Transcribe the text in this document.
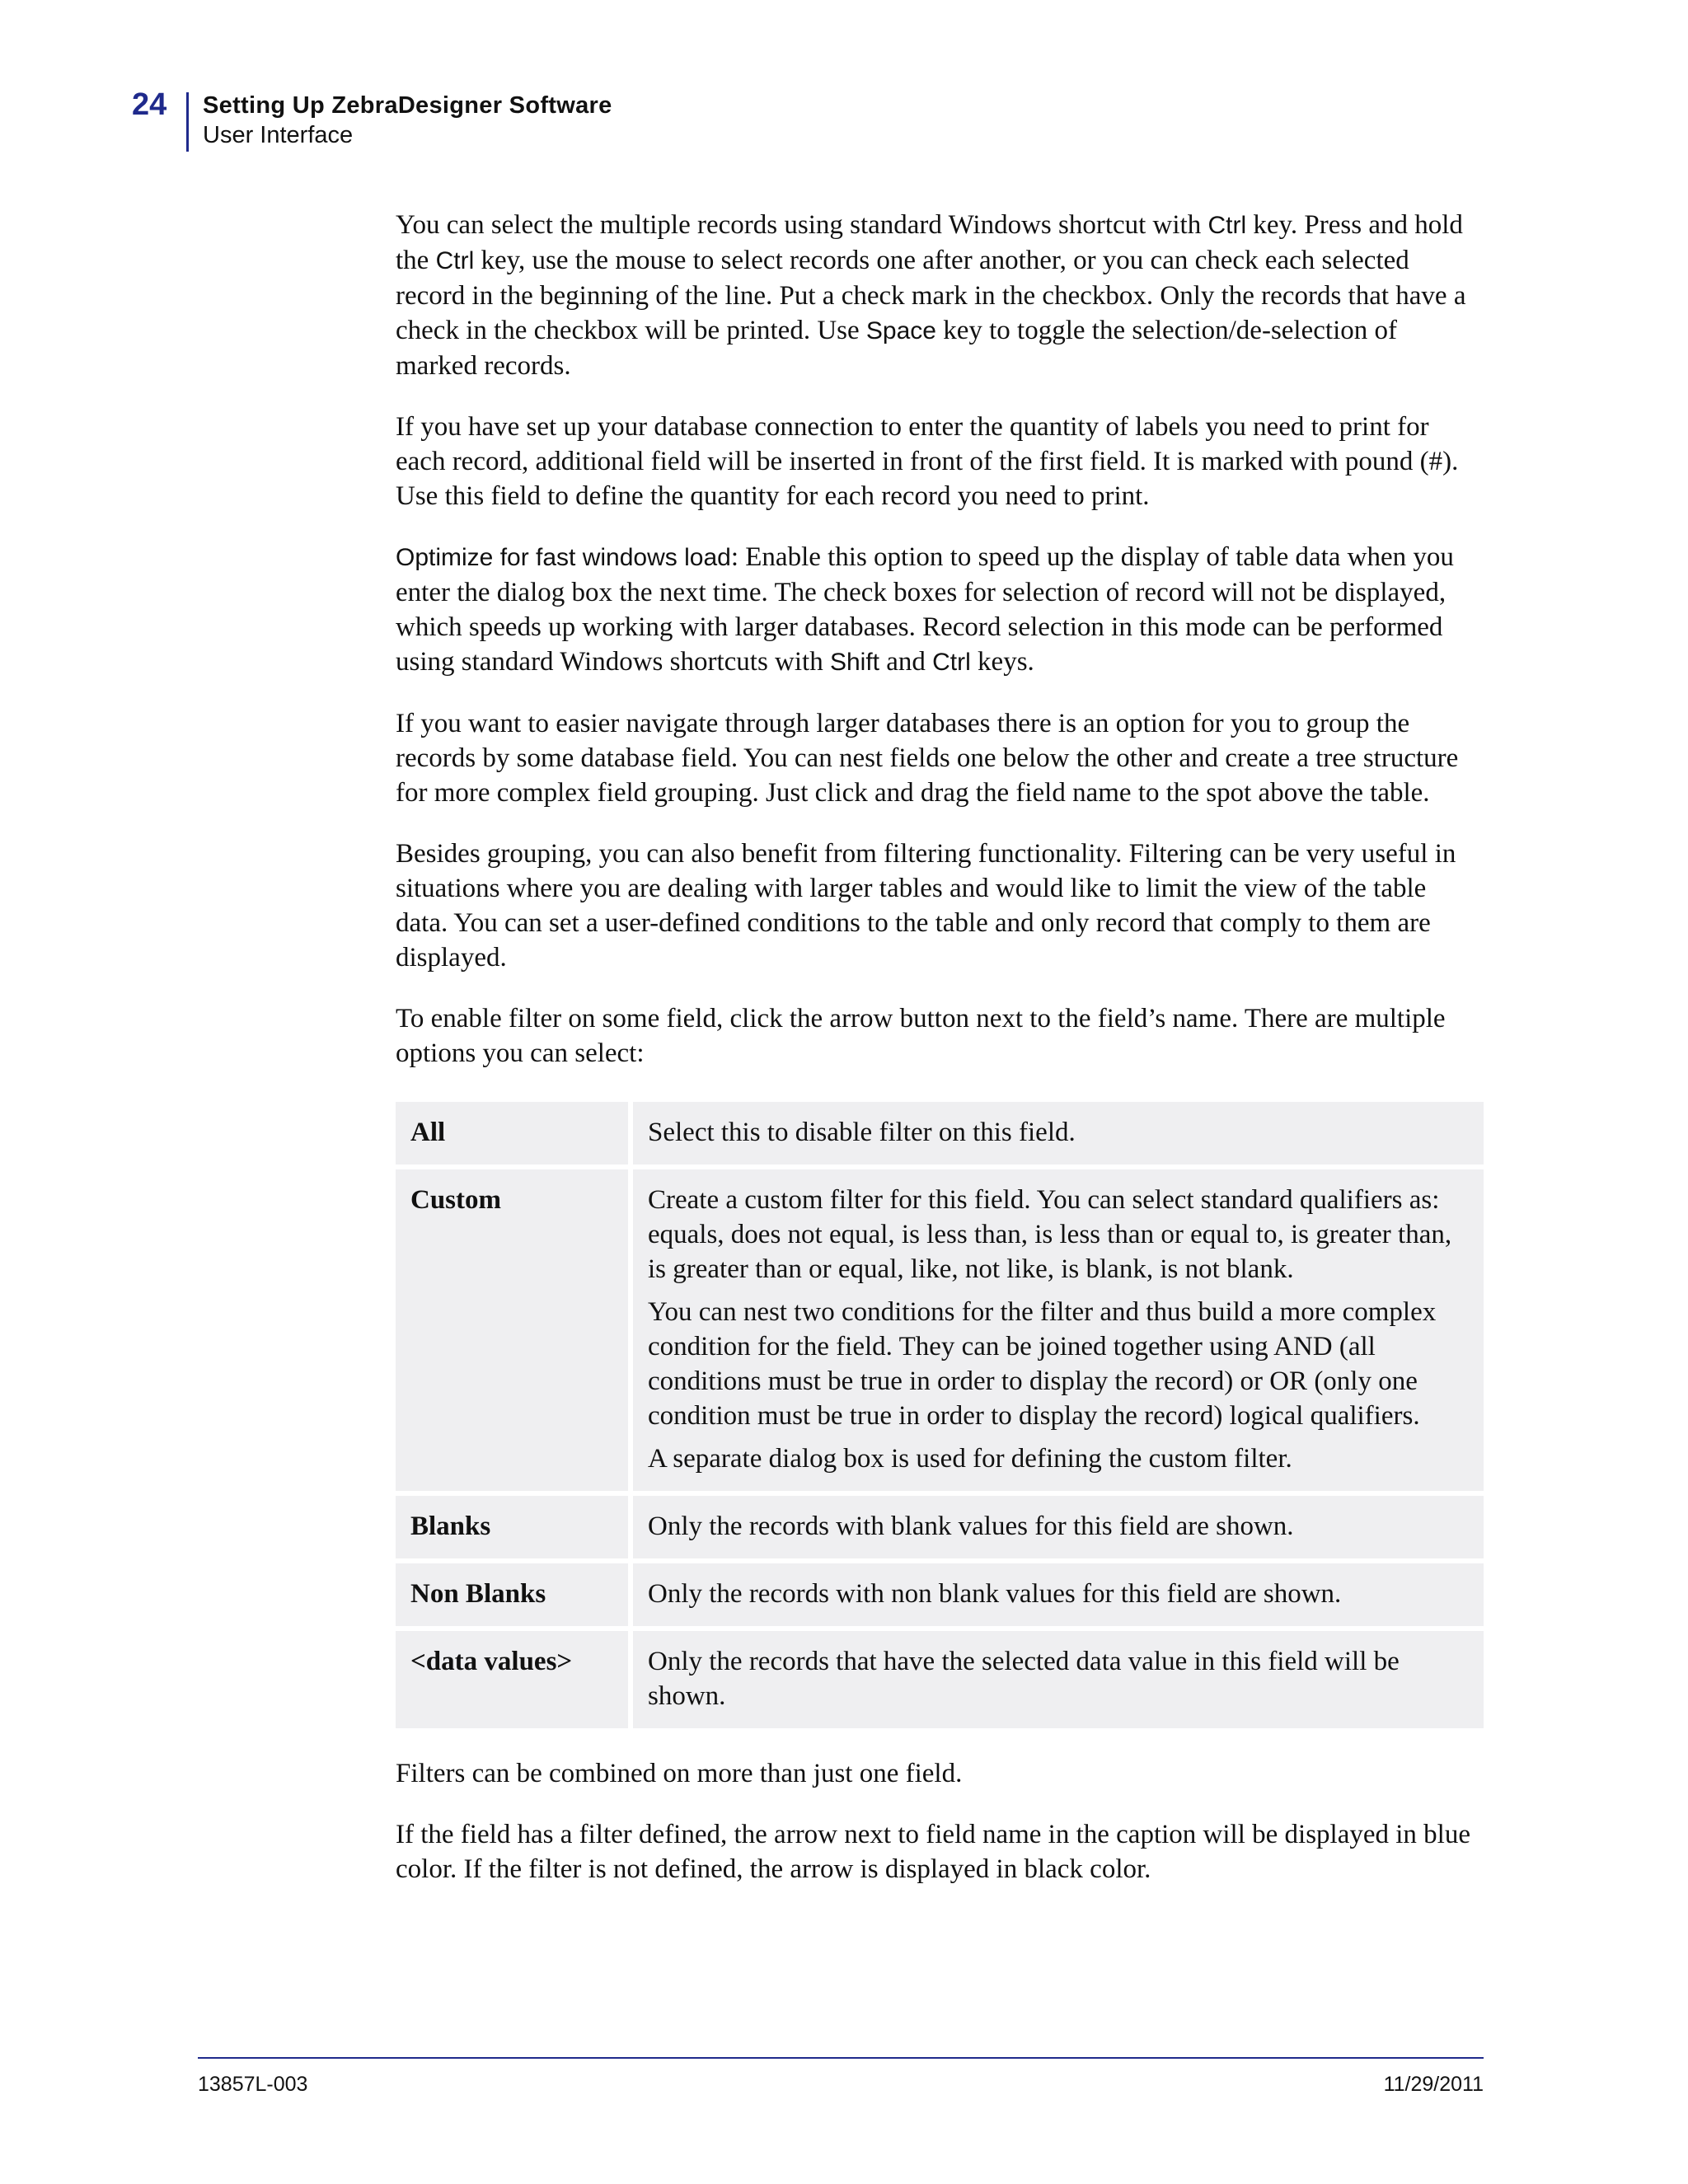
24 Setting Up ZebraDesigner Software
User Interface

You can select the multiple records using standard Windows shortcut with Ctrl key. Press and hold the Ctrl key, use the mouse to select records one after another, or you can check each selected record in the beginning of the line. Put a check mark in the checkbox. Only the records that have a check in the checkbox will be printed. Use Space key to toggle the selection/de-selection of marked records.

If you have set up your database connection to enter the quantity of labels you need to print for each record, additional field will be inserted in front of the first field. It is marked with pound (#). Use this field to define the quantity for each record you need to print.

Optimize for fast windows load: Enable this option to speed up the display of table data when you enter the dialog box the next time. The check boxes for selection of record will not be displayed, which speeds up working with larger databases. Record selection in this mode can be performed using standard Windows shortcuts with Shift and Ctrl keys.

If you want to easier navigate through larger databases there is an option for you to group the records by some database field. You can nest fields one below the other and create a tree structure for more complex field grouping. Just click and drag the field name to the spot above the table.

Besides grouping, you can also benefit from filtering functionality. Filtering can be very useful in situations where you are dealing with larger tables and would like to limit the view of the table data. You can set a user-defined conditions to the table and only record that comply to them are displayed.

To enable filter on some field, click the arrow button next to the field’s name. There are multiple options you can select:

All	Select this to disable filter on this field.

Custom	Create a custom filter for this field. You can select standard qualifiers as: equals, does not equal, is less than, is less than or equal to, is greater than, is greater than or equal, like, not like, is blank, is not blank.

You can nest two conditions for the filter and thus build a more complex condition for the field. They can be joined together using AND (all conditions must be true in order to display the record) or OR (only one condition must be true in order to display the record) logical qualifiers.

A separate dialog box is used for defining the custom filter.

Blanks	Only the records with blank values for this field are shown.

Non Blanks	Only the records with non blank values for this field are shown.

<data values>	Only the records that have the selected data value in this field will be shown.

Filters can be combined on more than just one field.

If the field has a filter defined, the arrow next to field name in the caption will be displayed in blue color. If the filter is not defined, the arrow is displayed in black color.

13857L-003	11/29/2011
